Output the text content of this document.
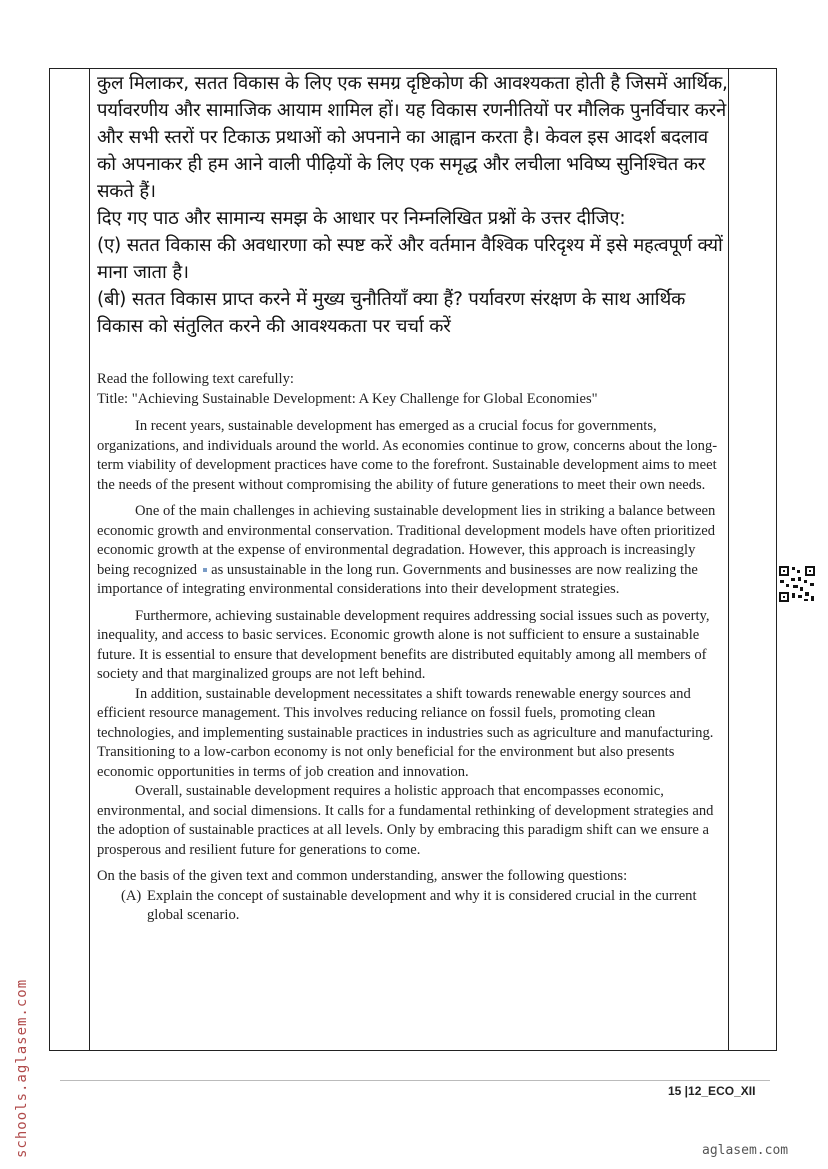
कुल मिलाकर, सतत विकास के लिए एक समग्र दृष्टिकोण की आवश्यकता होती है जिसमें आर्थिक, पर्यावरणीय और सामाजिक आयाम शामिल हों। यह विकास रणनीतियों पर मौलिक पुनर्विचार करने और सभी स्तरों पर टिकाऊ प्रथाओं को अपनाने का आह्वान करता है। केवल इस आदर्श बदलाव को अपनाकर ही हम आने वाली पीढ़ियों के लिए एक समृद्ध और लचीला भविष्य सुनिश्चित कर सकते हैं।

दिए गए पाठ और सामान्य समझ के आधार पर निम्नलिखित प्रश्नों के उत्तर दीजिए:

(ए) सतत विकास की अवधारणा को स्पष्ट करें और वर्तमान वैश्विक परिदृश्य में इसे महत्वपूर्ण क्यों माना जाता है।

(बी) सतत विकास प्राप्त करने में मुख्य चुनौतियाँ क्या हैं? पर्यावरण संरक्षण के साथ आर्थिक विकास को संतुलित करने की आवश्यकता पर चर्चा करें

Read the following text carefully:

Title: "Achieving Sustainable Development: A Key Challenge for Global Economies"

In recent years, sustainable development has emerged as a crucial focus for governments, organizations, and individuals around the world. As economies continue to grow, concerns about the long-term viability of development practices have come to the forefront. Sustainable development aims to meet the needs of the present without compromising the ability of future generations to meet their own needs.

One of the main challenges in achieving sustainable development lies in striking a balance between economic growth and environmental conservation. Traditional development models have often prioritized economic growth at the expense of environmental degradation. However, this approach is increasingly being recognized as unsustainable in the long run. Governments and businesses are now realizing the importance of integrating environmental considerations into their development strategies.

Furthermore, achieving sustainable development requires addressing social issues such as poverty, inequality, and access to basic services. Economic growth alone is not sufficient to ensure a sustainable future. It is essential to ensure that development benefits are distributed equitably among all members of society and that marginalized groups are not left behind.

In addition, sustainable development necessitates a shift towards renewable energy sources and efficient resource management. This involves reducing reliance on fossil fuels, promoting clean technologies, and implementing sustainable practices in industries such as agriculture and manufacturing. Transitioning to a low-carbon economy is not only beneficial for the environment but also presents economic opportunities in terms of job creation and innovation.

Overall, sustainable development requires a holistic approach that encompasses economic, environmental, and social dimensions. It calls for a fundamental rethinking of development strategies and the adoption of sustainable practices at all levels. Only by embracing this paradigm shift can we ensure a prosperous and resilient future for generations to come.

On the basis of the given text and common understanding, answer the following questions:

(A) Explain the concept of sustainable development and why it is considered crucial in the current global scenario.
schools.aglasem.com	15 |12_ECO_XII
aglasem.com
